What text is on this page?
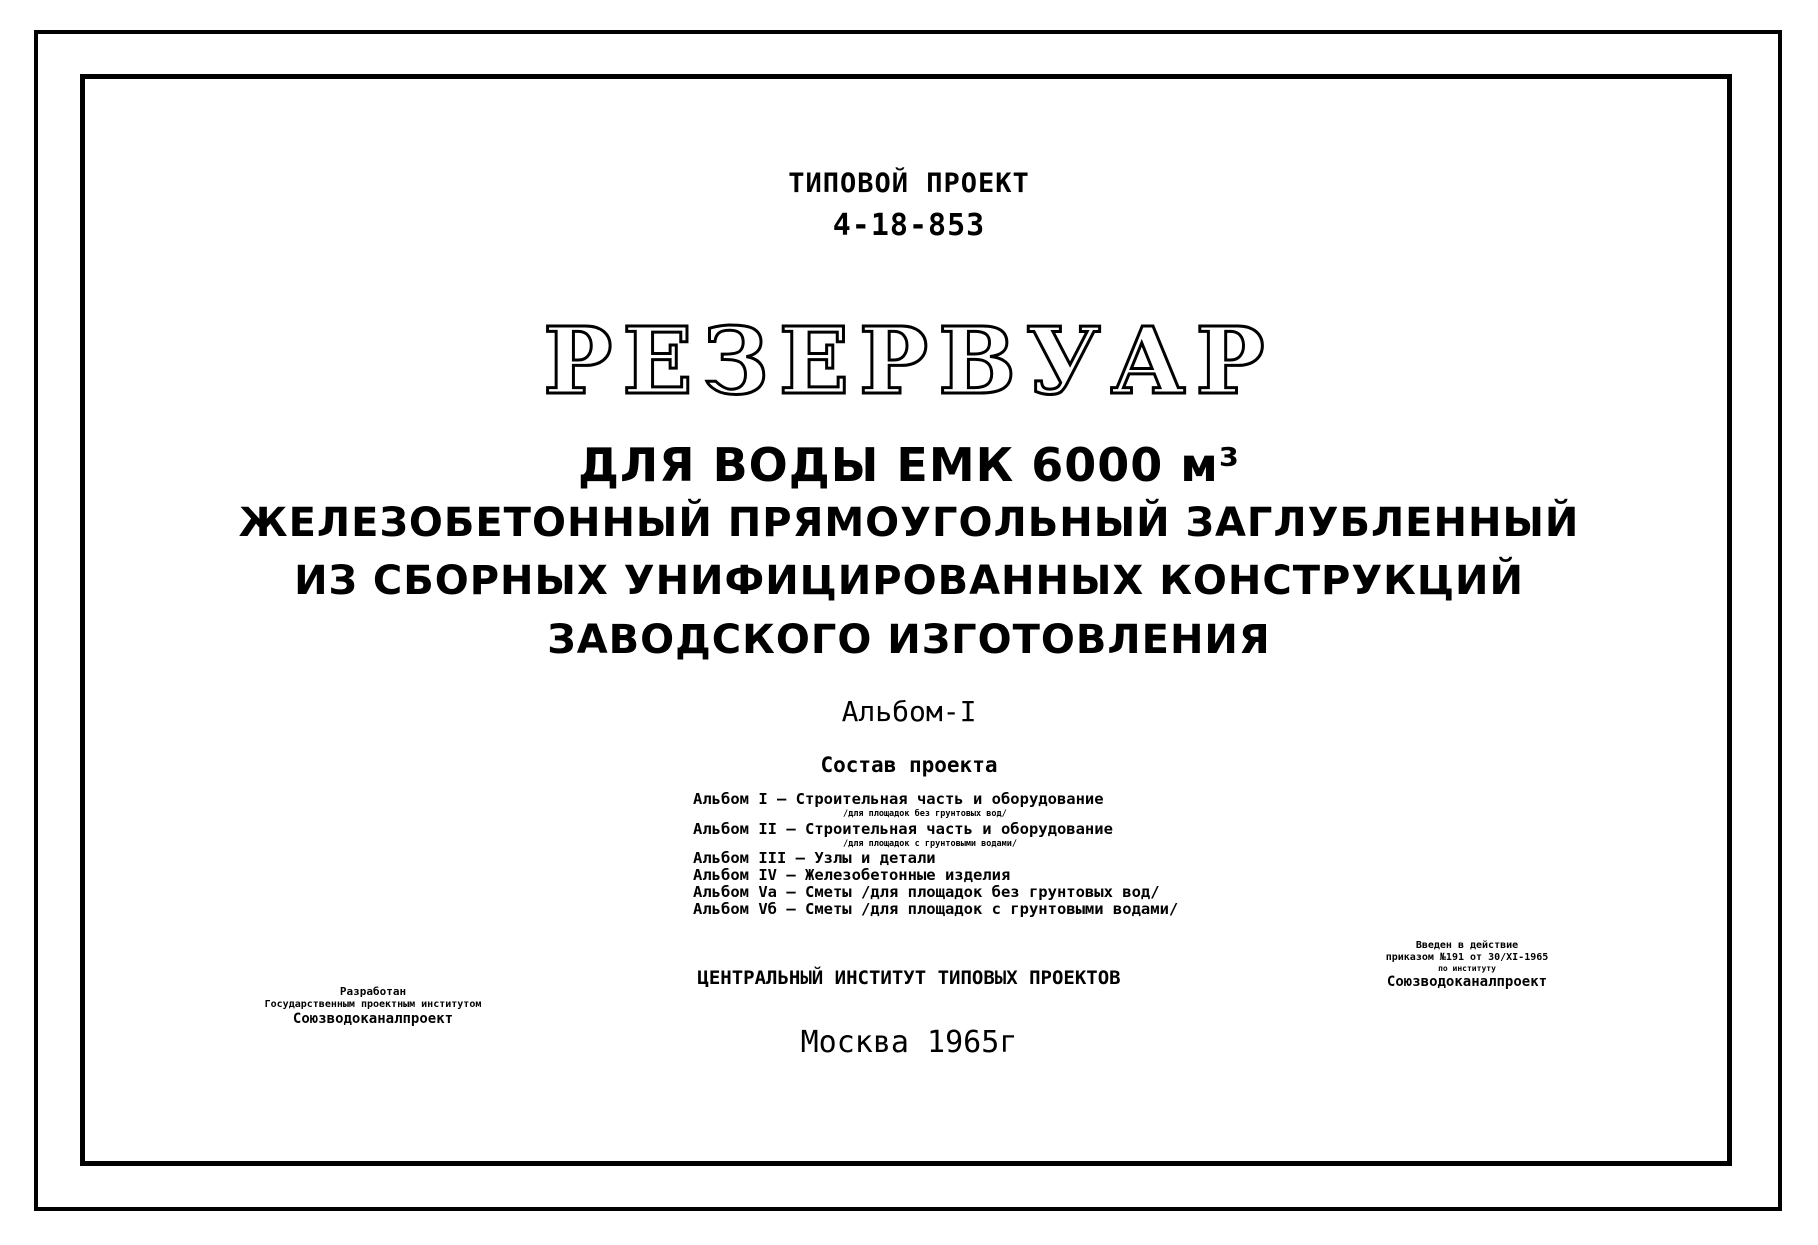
ТИПОВОЙ ПРОЕКТ
4-18-853
РЕЗЕРВУАР
ДЛЯ ВОДЫ ЕМК 6000 м³
ЖЕЛЕЗОБЕТОННЫЙ ПРЯМОУГОЛЬНЫЙ ЗАГЛУБЛЕННЫЙ
ИЗ СБОРНЫХ УНИФИЦИРОВАННЫХ КОНСТРУКЦИЙ
ЗАВОДСКОГО ИЗГОТОВЛЕНИЯ
Альбом-I
Состав проекта
Альбом I — Строительная часть и оборудование
/для площадок без грунтовых вод/
Альбом II — Строительная часть и оборудование
/для площадок с грунтовыми водами/
Альбом III — Узлы и детали
Альбом IV — Железобетонные изделия
Альбом Vа — Сметы /для площадок без грунтовых вод/
Альбом Vб — Сметы /для площадок с грунтовыми водами/
ЦЕНТРАЛЬНЫЙ ИНСТИТУТ ТИПОВЫХ ПРОЕКТОВ
Москва 1965г
Разработан
Государственным проектным институтом
Союзводоканалпроект
Введен в действие
приказом №191 от 30/XI-1965
по институту
Союзводоканалпроект
